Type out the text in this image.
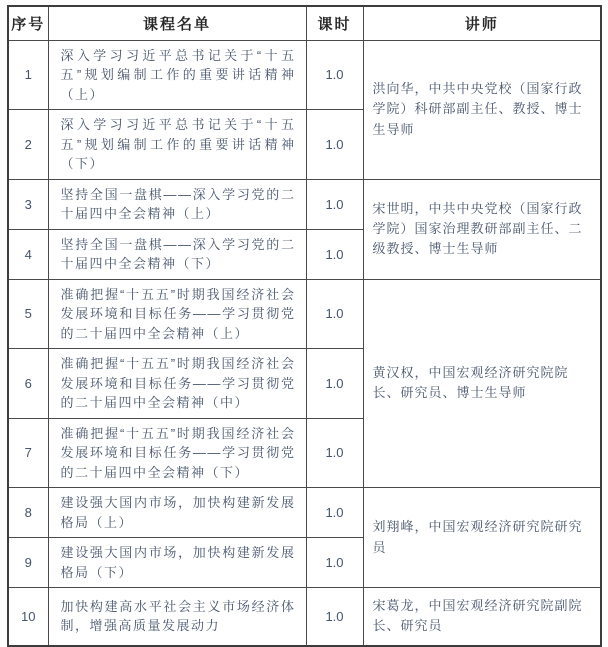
序号	课程名单	课时	讲师
1	深入学习习近平总书记关于“十五五”规划编制工作的重要讲话精神（上）	1.0	洪向华，中共中央党校（国家行政学院）科研部副主任、教授、博士生导师
2	深入学习习近平总书记关于“十五五”规划编制工作的重要讲话精神（下）	1.0	
3	坚持全国一盘棋——深入学习党的二十届四中全会精神（上）	1.0	宋世明，中共中央党校（国家行政学院）国家治理教研部副主任、二级教授、博士生导师
4	坚持全国一盘棋——深入学习党的二十届四中全会精神（下）	1.0	
5	准确把握“十五五”时期我国经济社会发展环境和目标任务——学习贯彻党的二十届四中全会精神（上）	1.0	黄汉权，中国宏观经济研究院院长、研究员、博士生导师
6	准确把握“十五五”时期我国经济社会发展环境和目标任务——学习贯彻党的二十届四中全会精神（中）	1.0	
7	准确把握“十五五”时期我国经济社会发展环境和目标任务——学习贯彻党的二十届四中全会精神（下）	1.0	
8	建设强大国内市场，加快构建新发展格局（上）	1.0	刘翔峰，中国宏观经济研究院研究员
9	建设强大国内市场，加快构建新发展格局（下）	1.0	
10	加快构建高水平社会主义市场经济体制，增强高质量发展动力	1.0	宋葛龙，中国宏观经济研究院副院长、研究员
